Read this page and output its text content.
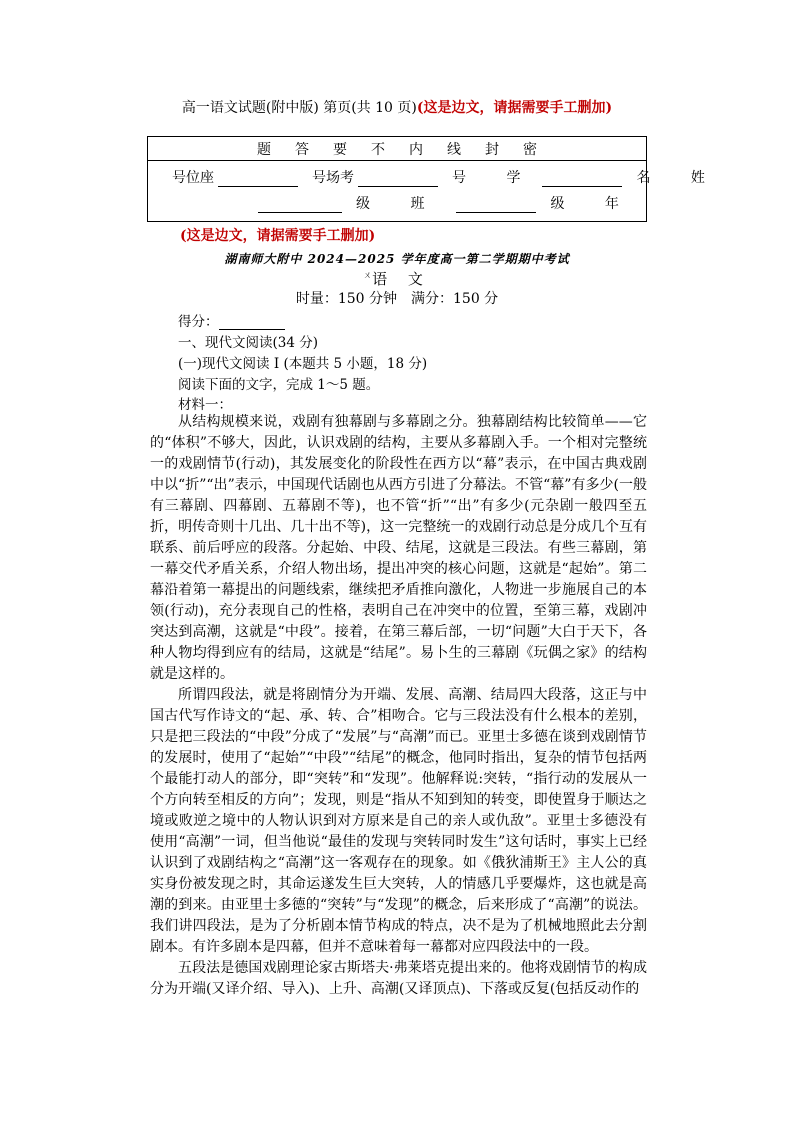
高一语文试题(附中版) 第页(共 10 页)(这是边文，请据需要手工删加)
题答要不内线封密
号位座	号场考	号 学	名 姓
级 班	级 年
(这是边文，请据需要手工删加)
湖南师大附中 2024—2025 学年度高一第二学期期中考试
$^ㄨ$语 文
时量：150 分钟　满分：150 分
得分：
一、现代文阅读(34 分)
(一)现代文阅读 I (本题共 5 小题，18 分)
阅读下面的文字，完成 1～5 题。
材料一：

从结构规模来说，戏剧有独幕剧与多幕剧之分。独幕剧结构比较简单——它的“体积”不够大，因此，认识戏剧的结构，主要从多幕剧入手。一个相对完整统一的戏剧情节(行动)，其发展变化的阶段性在西方以“幕”表示，在中国古典戏剧中以“折”“出”表示，中国现代话剧也从西方引进了分幕法。不管“幕”有多少(一般有三幕剧、四幕剧、五幕剧不等)，也不管“折”“出”有多少(元杂剧一般四至五折，明传奇则十几出、几十出不等)，这一完整统一的戏剧行动总是分成几个互有联系、前后呼应的段落。分起始、中段、结尾，这就是三段法。有些三幕剧，第一幕交代矛盾关系，介绍人物出场，提出冲突的核心问题，这就是“起始”。第二幕沿着第一幕提出的问题线索，继续把矛盾推向激化，人物进一步施展自己的本领(行动)，充分表现自己的性格，表明自己在冲突中的位置，至第三幕，戏剧冲突达到高潮，这就是“中段”。接着，在第三幕后部，一切“问题”大白于天下，各种人物均得到应有的结局，这就是“结尾”。易卜生的三幕剧《玩偶之家》的结构就是这样的。

所谓四段法，就是将剧情分为开端、发展、高潮、结局四大段落，这正与中国古代写作诗文的“起、承、转、合”相吻合。它与三段法没有什么根本的差别，只是把三段法的“中段”分成了“发展”与“高潮”而已。亚里士多德在谈到戏剧情节的发展时，使用了“起始”“中段”“结尾”的概念，他同时指出，复杂的情节包括两个最能打动人的部分，即“突转”和“发现”。他解释说:突转，“指行动的发展从一个方向转至相反的方向”；发现，则是“指从不知到知的转变，即使置身于顺达之境或败逆之境中的人物认识到对方原来是自己的亲人或仇敌”。亚里士多德没有使用“高潮”一词，但当他说“最佳的发现与突转同时发生”这句话时，事实上已经认识到了戏剧结构之“高潮”这一客观存在的现象。如《俄狄浦斯王》主人公的真实身份被发现之时，其命运遂发生巨大突转，人的情感几乎要爆炸，这也就是高潮的到来。由亚里士多德的“突转”与“发现”的概念，后来形成了“高潮”的说法。我们讲四段法，是为了分析剧本情节构成的特点，决不是为了机械地照此去分割剧本。有许多剧本是四幕，但并不意味着每一幕都对应四段法中的一段。

五段法是德国戏剧理论家古斯塔夫·弗莱塔克提出来的。他将戏剧情节的构成分为开端(又译介绍、导入)、上升、高潮(又译顶点)、下落或反复(包括反动作的
